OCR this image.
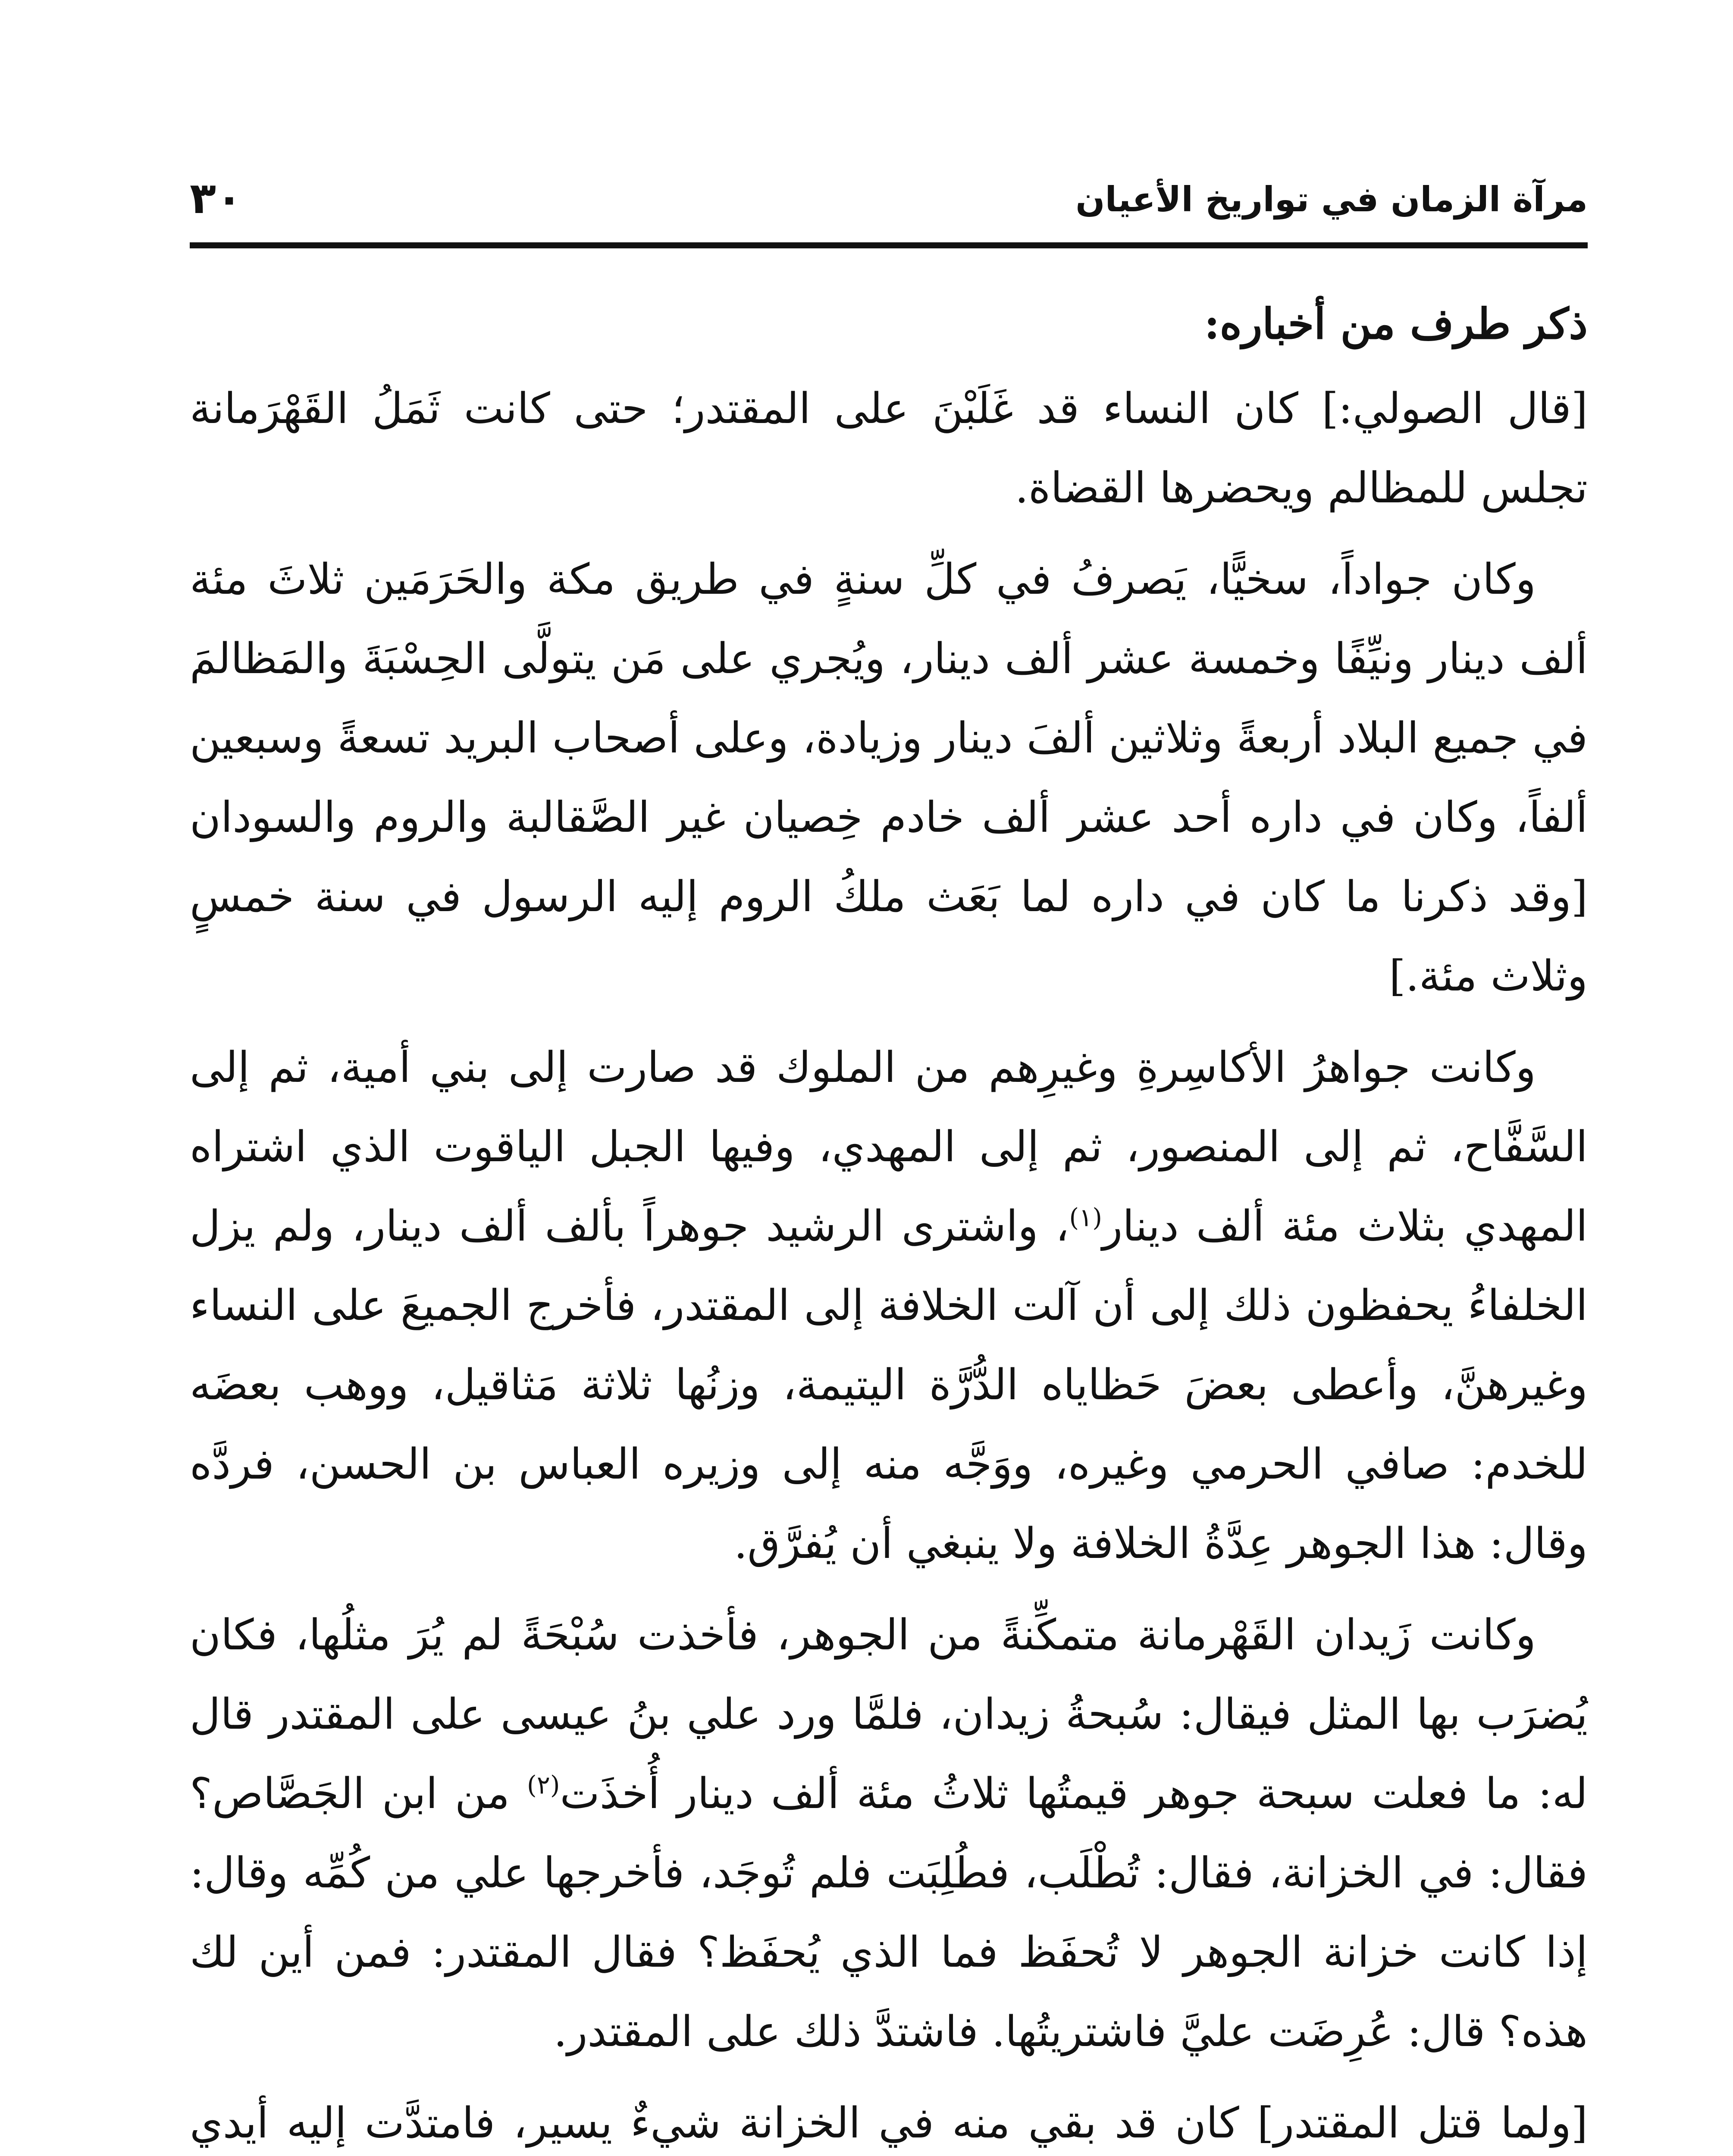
مرآة الزمان في تواريخ الأعيان
٣٠
ذكر طرف من أخباره:

[قال الصولي:] كان النساء قد غَلَبْنَ على المقتدر؛ حتى كانت ثَمَلُ القَهْرَمانة تجلس للمظالم ويحضرها القضاة.

وكان جواداً، سخيًّا، يَصرفُ في كلِّ سنةٍ في طريق مكة والحَرَمَين ثلاثَ مئة ألف دينار ونيِّفًا وخمسة عشر ألف دينار، ويُجري على مَن يتولَّى الحِسْبَةَ والمَظالمَ في جميع البلاد أربعةً وثلاثين ألفَ دينار وزيادة، وعلى أصحاب البريد تسعةً وسبعين ألفاً، وكان في داره أحد عشر ألف خادم خِصيان غير الصَّقالبة والروم والسودان [وقد ذكرنا ما كان في داره لما بَعَث ملكُ الروم إليه الرسول في سنة خمسٍ وثلاث مئة.]

وكانت جواهرُ الأكاسِرةِ وغيرِهم من الملوك قد صارت إلى بني أمية، ثم إلى السَّفَّاح، ثم إلى المنصور، ثم إلى المهدي، وفيها الجبل الياقوت الذي اشتراه المهدي بثلاث مئة ألف دينار$^{(١)}$، واشترى الرشيد جوهراً بألف ألف دينار، ولم يزل الخلفاءُ يحفظون ذلك إلى أن آلت الخلافة إلى المقتدر، فأخرج الجميعَ على النساء وغيرهنَّ، وأعطى بعضَ حَظاياه الدُّرَّة اليتيمة، وزنُها ثلاثة مَثاقيل، ووهب بعضَه للخدم: صافي الحرمي وغيره، ووَجَّه منه إلى وزيره العباس بن الحسن، فردَّه وقال: هذا الجوهر عِدَّةُ الخلافة ولا ينبغي أن يُفرَّق.

وكانت زَيدان القَهْرمانة متمكِّنةً من الجوهر، فأخذت سُبْحَةً لم يُرَ مثلُها، فكان يُضرَب بها المثل فيقال: سُبحةُ زيدان، فلمَّا ورد علي بنُ عيسى على المقتدر قال له: ما فعلت سبحة جوهر قيمتُها ثلاثُ مئة ألف دينار أُخذَت$^{(٢)}$ من ابن الجَصَّاص؟ فقال: في الخزانة، فقال: تُطْلَب، فطُلِبَت فلم تُوجَد، فأخرجها علي من كُمِّه وقال: إذا كانت خزانة الجوهر لا تُحفَظ فما الذي يُحفَظ؟ فقال المقتدر: فمن أين لك هذه؟ قال: عُرِضَت عليَّ فاشتريتُها. فاشتدَّ ذلك على المقتدر.

[ولما قتل المقتدر] كان قد بقي منه في الخزانة شيءٌ يسير، فامتدَّت إليه أيدي
